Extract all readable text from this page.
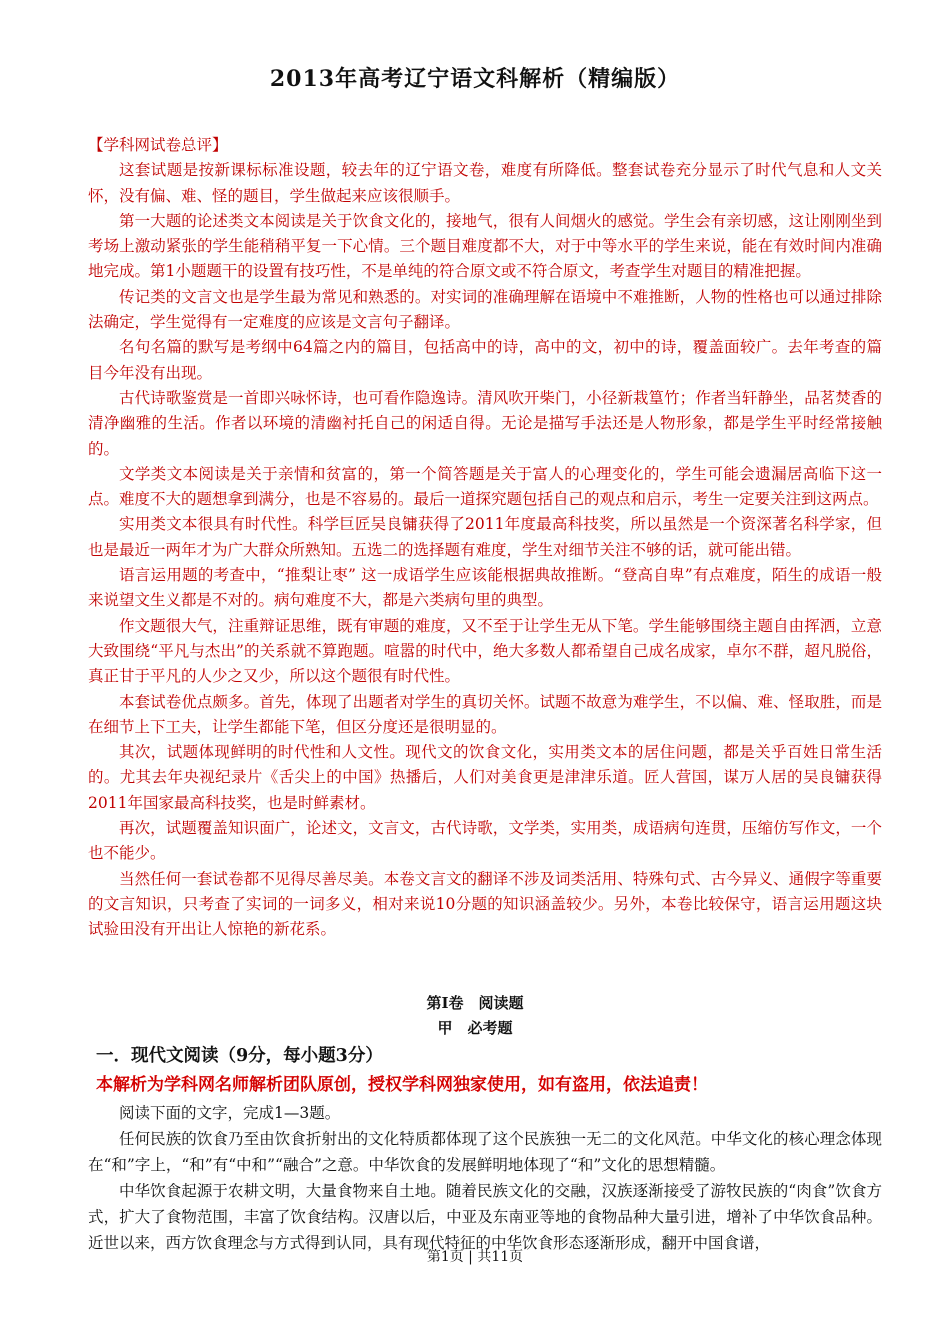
2013年高考辽宁语文科解析（精编版）

【学科网试卷总评】

这套试题是按新课标标准设题，较去年的辽宁语文卷，难度有所降低。整套试卷充分显示了时代气息和人文关怀，没有偏、难、怪的题目，学生做起来应该很顺手。

第一大题的论述类文本阅读是关于饮食文化的，接地气，很有人间烟火的感觉。学生会有亲切感，这让刚刚坐到考场上激动紧张的学生能稍稍平复一下心情。三个题目难度都不大，对于中等水平的学生来说，能在有效时间内准确地完成。第1小题题干的设置有技巧性，不是单纯的符合原文或不符合原文，考查学生对题目的精准把握。

传记类的文言文也是学生最为常见和熟悉的。对实词的准确理解在语境中不难推断，人物的性格也可以通过排除法确定，学生觉得有一定难度的应该是文言句子翻译。

名句名篇的默写是考纲中64篇之内的篇目，包括高中的诗，高中的文，初中的诗，覆盖面较广。去年考查的篇目今年没有出现。

古代诗歌鉴赏是一首即兴咏怀诗，也可看作隐逸诗。清风吹开柴门，小径新栽篁竹；作者当轩静坐，品茗焚香的清净幽雅的生活。作者以环境的清幽衬托自己的闲适自得。无论是描写手法还是人物形象，都是学生平时经常接触的。

文学类文本阅读是关于亲情和贫富的，第一个简答题是关于富人的心理变化的，学生可能会遗漏居高临下这一点。难度不大的题想拿到满分，也是不容易的。最后一道探究题包括自己的观点和启示，考生一定要关注到这两点。

实用类文本很具有时代性。科学巨匠吴良镛获得了2011年度最高科技奖，所以虽然是一个资深著名科学家，但也是最近一两年才为广大群众所熟知。五选二的选择题有难度，学生对细节关注不够的话，就可能出错。

语言运用题的考查中，“推梨让枣” 这一成语学生应该能根据典故推断。“登高自卑”有点难度，陌生的成语一般来说望文生义都是不对的。病句难度不大，都是六类病句里的典型。

作文题很大气，注重辩证思维，既有审题的难度，又不至于让学生无从下笔。学生能够围绕主题自由挥洒，立意大致围绕“平凡与杰出”的关系就不算跑题。喧嚣的时代中，绝大多数人都希望自己成名成家，卓尔不群，超凡脱俗，真正甘于平凡的人少之又少，所以这个题很有时代性。

本套试卷优点颇多。首先，体现了出题者对学生的真切关怀。试题不故意为难学生，不以偏、难、怪取胜，而是在细节上下工夫，让学生都能下笔，但区分度还是很明显的。

其次，试题体现鲜明的时代性和人文性。现代文的饮食文化，实用类文本的居住问题，都是关乎百姓日常生活的。尤其去年央视纪录片《舌尖上的中国》热播后，人们对美食更是津津乐道。匠人营国，谋万人居的吴良镛获得2011年国家最高科技奖，也是时鲜素材。

再次，试题覆盖知识面广，论述文，文言文，古代诗歌，文学类，实用类，成语病句连贯，压缩仿写作文，一个也不能少。

当然任何一套试卷都不见得尽善尽美。本卷文言文的翻译不涉及词类活用、特殊句式、古今异义、通假字等重要的文言知识，只考查了实词的一词多义，相对来说10分题的知识涵盖较少。另外，本卷比较保守，语言运用题这块试验田没有开出让人惊艳的新花系。

第Ⅰ卷　阅读题
甲　必考题
一．现代文阅读（9分，每小题3分）
本解析为学科网名师解析团队原创，授权学科网独家使用，如有盗用，依法追责！

阅读下面的文字，完成1—3题。

任何民族的饮食乃至由饮食折射出的文化特质都体现了这个民族独一无二的文化风范。中华文化的核心理念体现在“和”字上，“和”有“中和”“融合”之意。中华饮食的发展鲜明地体现了“和”文化的思想精髓。

中华饮食起源于农耕文明，大量食物来自土地。随着民族文化的交融，汉族逐渐接受了游牧民族的“肉食”饮食方式，扩大了食物范围，丰富了饮食结构。汉唐以后，中亚及东南亚等地的食物品种大量引进，增补了中华饮食品种。近世以来，西方饮食理念与方式得到认同，具有现代特征的中华饮食形态逐渐形成，翻开中国食谱，

第1页 | 共11页
